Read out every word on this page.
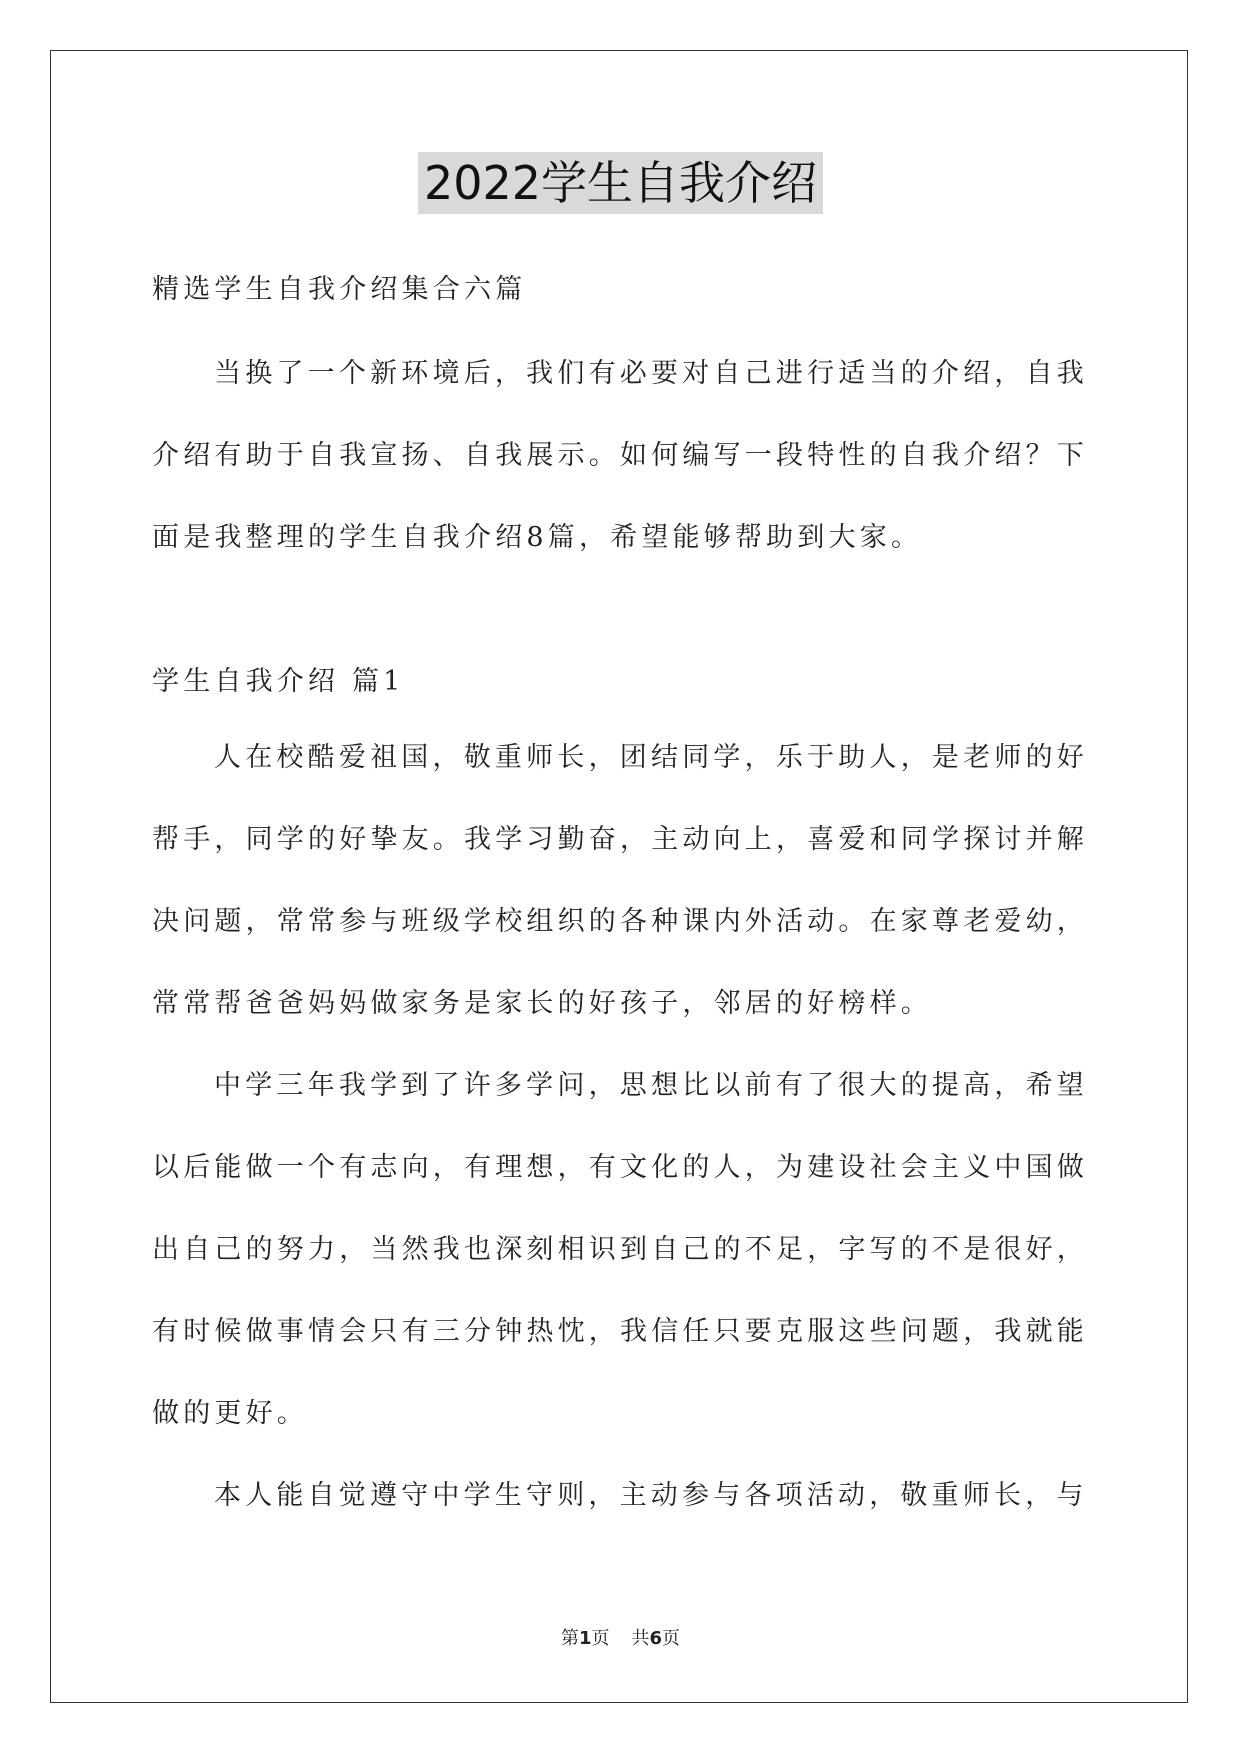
2022学生自我介绍

精选学生自我介绍集合六篇

当换了一个新环境后，我们有必要对自己进行适当的介绍，自我介绍有助于自我宣扬、自我展示。如何编写一段特性的自我介绍？下面是我整理的学生自我介绍8篇，希望能够帮助到大家。

学生自我介绍 篇1

人在校酷爱祖国，敬重师长，团结同学，乐于助人，是老师的好帮手，同学的好挚友。我学习勤奋，主动向上，喜爱和同学探讨并解决问题，常常参与班级学校组织的各种课内外活动。在家尊老爱幼，常常帮爸爸妈妈做家务是家长的好孩子，邻居的好榜样。

中学三年我学到了许多学问，思想比以前有了很大的提高，希望以后能做一个有志向，有理想，有文化的人，为建设社会主义中国做出自己的努力，当然我也深刻相识到自己的不足，字写的不是很好，有时候做事情会只有三分钟热忱，我信任只要克服这些问题，我就能做的更好。

本人能自觉遵守中学生守则，主动参与各项活动，敬重师长，与

第1页 共6页
